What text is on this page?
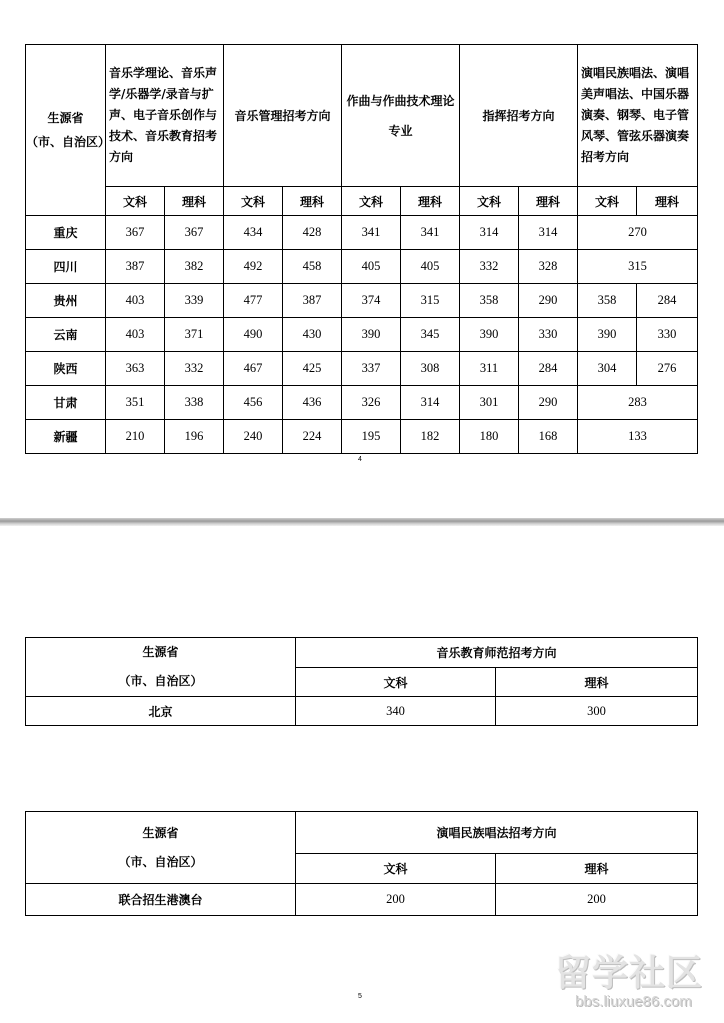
生源省
（市、自治区）	音乐学理论、音乐声学/乐器学/录音与扩声、电子音乐创作与技术、音乐教育招考方向		音乐管理招考方向		作曲与作曲技术理论专业		指挥招考方向		演唱民族唱法、演唱美声唱法、中国乐器演奏、钢琴、电子管风琴、管弦乐器演奏招考方向	
	文科	理科	文科	理科	文科	理科	文科	理科	文科	理科
重庆	367	367	434	428	341	341	314	314	270	
四川	387	382	492	458	405	405	332	328	315	
贵州	403	339	477	387	374	315	358	290	358	284
云南	403	371	490	430	390	345	390	330	390	330
陕西	363	332	467	425	337	308	311	284	304	276
甘肃	351	338	456	436	326	314	301	290	283	
新疆	210	196	240	224	195	182	180	168	133	
4
生源省
（市、自治区）	音乐教育师范招考方向	
	文科	理科
北京	340	300
生源省
（市、自治区）	演唱民族唱法招考方向	
	文科	理科
联合招生港澳台	200	200
5
留学社区
bbs.liuxue86.com
